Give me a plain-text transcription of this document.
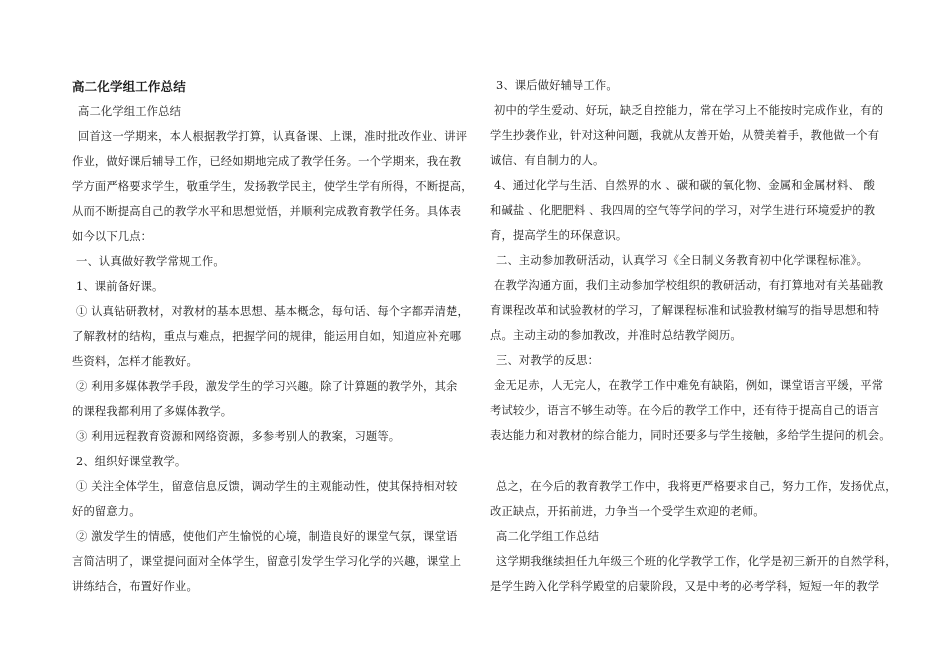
高二化学组工作总结
高二化学组工作总结
回首这一学期来，本人根据教学打算，认真备课、上课，准时批改作业、讲评
作业，做好课后辅导工作，已经如期地完成了教学任务。一个学期来，我在教
学方面严格要求学生，敬重学生，发扬教学民主，使学生学有所得，不断提高，
从而不断提高自己的教学水平和思想觉悟，并顺利完成教育教学任务。具体表
如今以下几点：
一、认真做好教学常规工作。
1、课前备好课。
① 认真钻研教材，对教材的基本思想、基本概念，每句话、每个字都弄清楚，
了解教材的结构，重点与难点，把握学问的规律，能运用自如，知道应补充哪
些资料，怎样才能教好。
② 利用多媒体教学手段，激发学生的学习兴趣。除了计算题的教学外，其余
的课程我都利用了多媒体教学。
③ 利用远程教育资源和网络资源，多参考别人的教案，习题等。
2、组织好课堂教学。
① 关注全体学生，留意信息反馈，调动学生的主观能动性，使其保持相对较
好的留意力。
② 激发学生的情感，使他们产生愉悦的心境，制造良好的课堂气氛，课堂语
言简洁明了，课堂提问面对全体学生，留意引发学生学习化学的兴趣，课堂上
讲练结合，布置好作业。
3、课后做好辅导工作。
初中的学生爱动、好玩，缺乏自控能力，常在学习上不能按时完成作业，有的
学生抄袭作业，针对这种问题，我就从友善开始，从赞美着手，教他做一个有
诚信、有自制力的人。
4、通过化学与生活、自然界的水 、碳和碳的氧化物、金属和金属材料、 酸
和碱盐 、化肥肥料 、我四周的空气等学问的学习，对学生进行环境爱护的教
育，提高学生的环保意识。
二、主动参加教研活动，认真学习《全日制义务教育初中化学课程标准》。
在教学沟通方面，我们主动参加学校组织的教研活动，有打算地对有关基础教
育课程改革和试验教材的学习，了解课程标准和试验教材编写的指导思想和特
点。主动主动的参加教改，并准时总结教学阅历。
三、对教学的反思：
金无足赤，人无完人，在教学工作中难免有缺陷，例如，课堂语言平缓，平常
考试较少，语言不够生动等。在今后的教学工作中，还有待于提高自己的语言
表达能力和对教材的综合能力，同时还要多与学生接触，多给学生提问的机会。
总之，在今后的教育教学工作中，我将更严格要求自己，努力工作，发扬优点，
改正缺点，开拓前进，力争当一个受学生欢迎的老师。
高二化学组工作总结
这学期我继续担任九年级三个班的化学教学工作，化学是初三新开的自然学科，
是学生跨入化学科学殿堂的启蒙阶段，又是中考的必考学科，短短一年的教学
